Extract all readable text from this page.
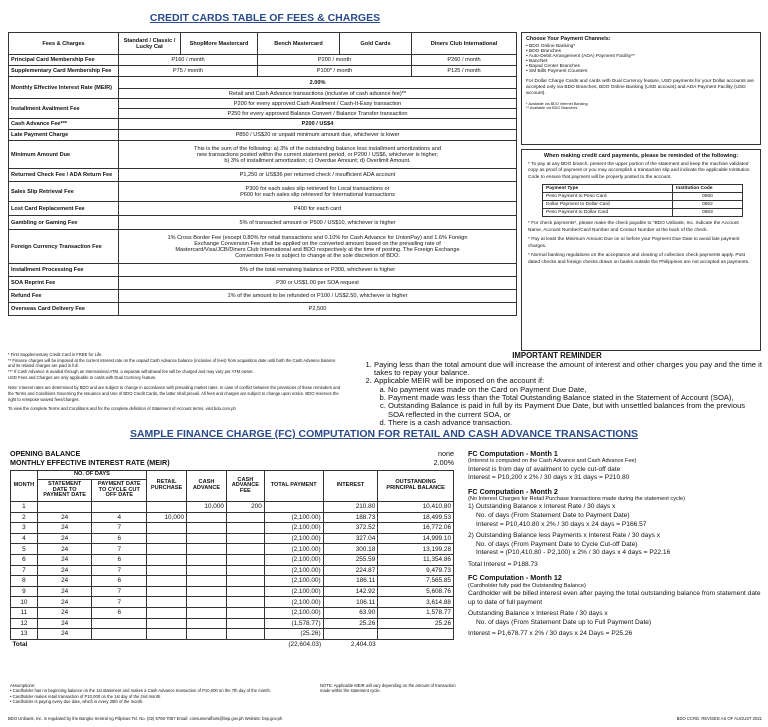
CREDIT CARDS TABLE OF FEES & CHARGES
Fees & Charges	Standard / Classic / Lucky Cat	ShopMore Mastercard	Bench Mastercard	Gold Cards	Diners Club International
Principal Card Membership Fee	P160 / month		P200 / month		P260 / month
Supplementary Card Membership Fee	P75 / month		P100* / month		P125 / month
Monthly Effective Interest Rate (MEIR)	2.00%				
	Retail and Cash Advance transactions (inclusive of cash advance fee)**				
Installment Availment Fee	P200 for every approved Cash Availment / Cash-It-Easy transaction				
	P250 for every approved Balance Convert / Balance Transfer transaction				
Cash Advance Fee***	P200 / US$4				
Late Payment Charge	P850 / US$20 or unpaid minimum amount due, whichever is lower				
Minimum Amount Due	This is the sum of the following: a) 3% of the outstanding balance less installment amortizations and
new transactions posted within the current statement period, or P200 / US$6, whichever is higher;
b) 3% of installment amortization; c) Overdue Amount; d) Overlimit Amount.				

Returned Check Fee / ADA Return Fee	P1,250 or US$36 per returned check / insufficient ADA account				
Sales Slip Retrieval Fee	P300 for each sales slip retrieved for Local transactions or
P600 for each sales slip retrieved for International transactions				

Lost Card Replacement Fee	P400 for each card				
Gambling or Gaming Fee	5% of transacted amount or P500 / US$10, whichever is higher				
Foreign Currency Transaction Fee	1% Cross Border Fee (except 0.80% for retail transactions and 0.10% for Cash Advance for UnionPay) and 1.6% Foreign
Exchange Conversion Fee shall be applied on the converted amount based on the prevailing rate of
Mastercard/Visa/JCB/Diners Club International and BDO respectively at the time of posting. The Foreign Exchange
Conversion Fee is subject to change at the sole discretion of BDO.				

Installment Processing Fee	5% of the total remaining balance or P300, whichever is higher				
SOA Reprint Fee	P30 or US$1.00 per SOA request				
Refund Fee	1% of the amount to be refunded or P100 / US$2.50, whichever is higher				
Overseas Card Delivery Fee	P2,500				
Choose Your Payment Channels:
• BDO Online Banking*
• BDO Branches
• Auto-Debit Arrangement (ADA) Payment Facility**
• BancNet
• Bayad Center Branches
• SM Bills Payment Counters
For Dollar Charge Cards and cards with Dual Currency feature, USD payments for your Dollar accounts are accepted only via BDO Branches, BDO Online Banking (USD account) and ADA Payment Facility (USD account).
* Available via BDO Internet Banking
** Available via BDO Branches
When making credit card payments, please be reminded of the following:

* To pay at any BDO branch, present the upper portion of the statement and keep the machine validated copy as proof of payment or you may accomplish a transaction slip and indicate the applicable Institution Code to ensure that payment will be properly posted to the account.

Payment Type	Institution Code
Peso Payment to Peso Card	0800
Dollar Payment to Dollar Card	0802
Peso Payment to Dollar Card	0803

* For check payments*, please make the check payable to "BDO Unibank, Inc. Indicate the Account Name, Account Number/Card Number and Contact Number at the back of the check.

* Pay at least the Minimum Amount Due on or before your Payment Due Date to avoid late payment charges.

* Normal banking regulations on the acceptance and clearing of collection check payments apply. Post dated checks and foreign checks drawn on banks outside the Philippines are not accepted as payments.

* First Supplementary Credit Card is FREE for Life.
** Finance charges will be imposed at the current interest rate on the unpaid Cash Advance balance (inclusive of fees) from acquisition date until both the Cash Advance balance and its related charges are paid in full.
*** If Cash Advance is availed through an International ATM, a separate withdrawal fee will be charged and may vary per ATM owner.
USD Fees and Charges are only applicable to cards with Dual Currency feature.
Note: Interest rates are determined by BDO and are subject to change in accordance with prevailing market rates. In case of conflict between the provisions of these reminders and the Terms and Conditions Governing the Issuance and Use of BDO Credit Cards, the latter shall prevail. All fees and charges are subject to change upon notice. BDO reserves the right to reimpose waived fees/charges.
To view the complete Terms and Conditions and for the complete definition of Statement of Account terms, visit bdo.com.ph
IMPORTANT REMINDER
1. Paying less than the total amount due will increase the amount of interest and other charges you pay and the time it takes to repay your balance.
2. Applicable MEIR will be imposed on the account if:
a. No payment was made on the Card on Payment Due Date,
b. Payment made was less than the Total Outstanding Balance stated in the Statement of Account (SOA),
c. Outstanding Balance is paid in full by its Payment Due Date, but with unsettled balances from the previous SOA reflected in the current SOA, or
d. There is a cash advance transaction.
SAMPLE FINANCE CHARGE (FC) COMPUTATION FOR RETAIL AND CASH ADVANCE TRANSACTIONS
OPENING BALANCE	none
MONTHLY EFFECTIVE INTEREST RATE (MEIR)	2.00%
MONTH	NO. OF DAYS		RETAIL PURCHASE	CASH ADVANCE	CASH ADVANCE FEE	TOTAL PAYMENT	INTEREST	OUTSTANDING PRINCIPAL BALANCE
	STATEMENT DATE TO PAYMENT DATE	PAYMENT DATE TO CYCLE CUT OFF DATE						
1				10,000	200		210.80	10,410.80
2	24	4	10,000			(2,100.00)	188.73	18,499.53
3	24	7				(2,100.00)	372.52	16,772.06
4	24	6				(2,100.00)	327.04	14,999.10
5	24	7				(2,100.00)	300.18	13,199.28
6	24	6				(2,100.00)	255.59	11,354.86
7	24	7				(2,100.00)	224.87	9,479.73
8	24	6				(2,100.00)	186.11	7,565.85
9	24	7				(2,100.00)	142.92	5,608.76
10	24	7				(2,100.00)	106.11	3,614.88
11	24	6				(2,100.00)	63.90	1,578.77
12	24					(1,578.77)	25.26	25.26
13	24					(25.26)		
Total						(22,604.03)	2,404.03	
Assumptions:
• Cardholder has no beginning balance on the 1st statement and makes a Cash Advance transaction of P10,000 on the 7th day of the month.
• Cardholder makes retail transaction of P10,000 on the 1st day of the 2nd month.
• Cardholder is paying every due date, which is every 28th of the month.
NOTE: Applicable MEIR will vary depending on the amount of transaction made within the statement cycle.
FC Computation - Month 1
(Interest is computed on the Cash Advance and Cash Advance Fee)
Interest is from day of availment to cycle cut-off date
Interest = P10,200 x 2% / 30 days x 31 days = P210.80
FC Computation - Month 2
(No Interest Charges for Retail Purchase transactions made during the statement cycle)
1) Outstanding Balance x Interest Rate / 30 days x
No. of days (From Statement Date to Payment Date)
Interest = P10,410.80 x 2% / 30 days x 24 days = P166.57
2) Outstanding Balance less Payments x Interest Rate / 30 days x
No. of days (From Payment Date to Cycle Cut-off Date)
Interest = (P10,410.80 - P2,100) x 2% / 30 days x 4 days = P22.16
Total Interest = P188.73
FC Computation - Month 12
(Cardholder fully paid the Outstanding Balance)
Cardholder will be billed interest even after paying the total outstanding balance from statement date up to date of full payment
Outstanding Balance x Interest Rate / 30 days x
No. of days (From Statement Date up to Full Payment Date)
Interest = P1,678.77 x 2% / 30 days x 24 Days = P25.26
BDO Unibank, Inc. is regulated by the Bangko Sentral ng Pilipinas Tel. No. (02) 8708-7087 Email: consumeraffairs@bsp.gov.ph Website: bsp.gov.ph	BDO CCRD. REVISED AS OF AUGUST 2021
